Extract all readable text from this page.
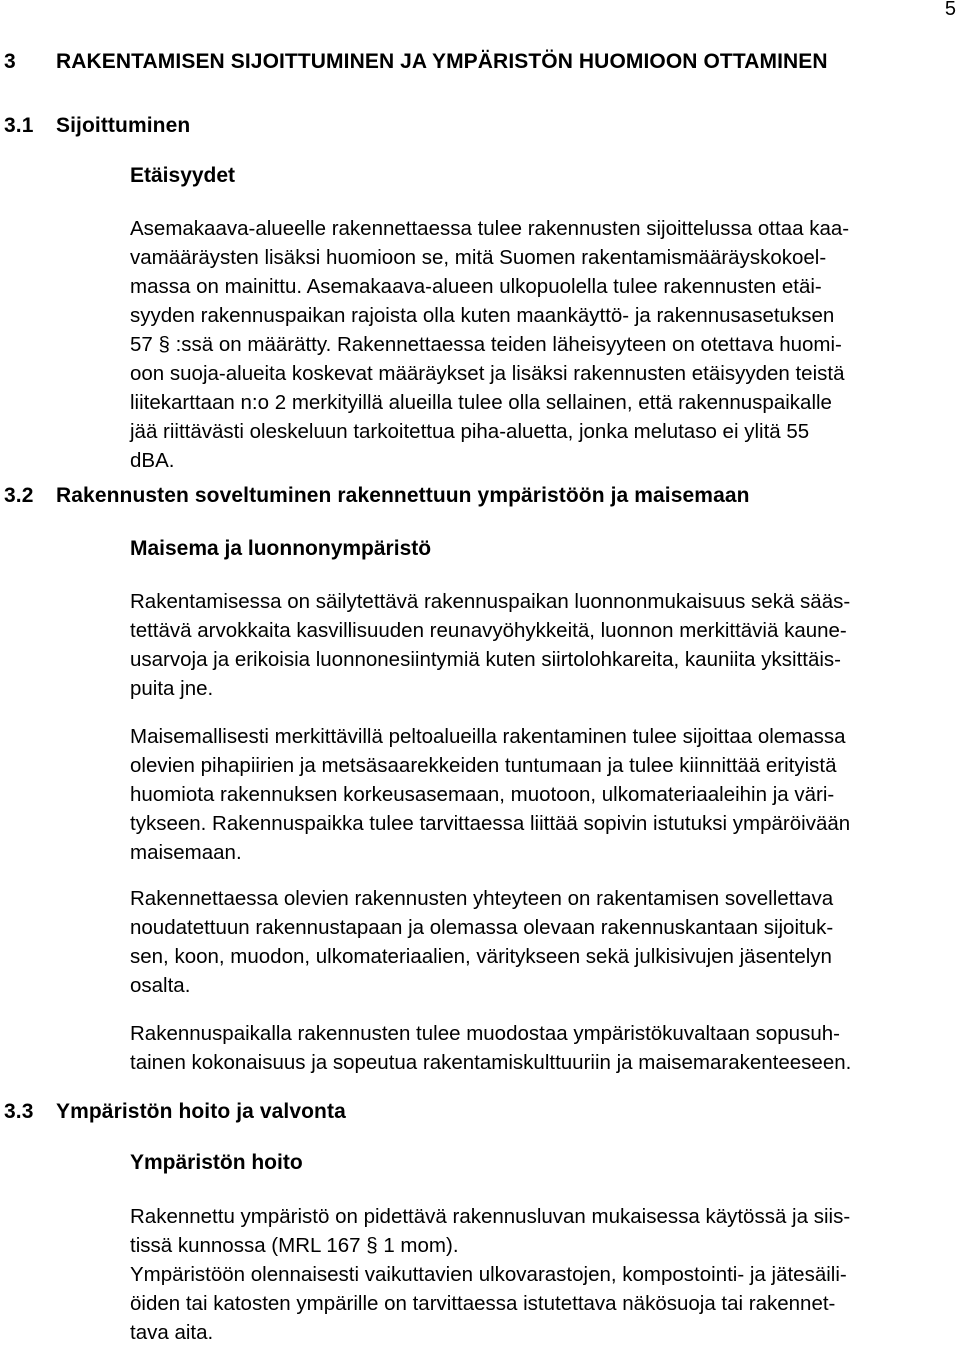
5
3 RAKENTAMISEN SIJOITTUMINEN JA YMPÄRISTÖN HUOMIOON OTTAMINEN
3.1 Sijoittuminen
Etäisyydet

Asemakaava-alueelle rakennettaessa tulee rakennusten sijoittelussa ottaa kaa-
vamääräysten lisäksi huomioon se, mitä Suomen rakentamismääräyskokoel-
massa on mainittu. Asemakaava-alueen ulkopuolella tulee rakennusten etäi-
syyden rakennuspaikan rajoista olla kuten maankäyttö- ja rakennusasetuksen
57 § :ssä on määrätty. Rakennettaessa teiden läheisyyteen on otettava huomi-
oon suoja-alueita koskevat määräykset ja lisäksi rakennusten etäisyyden teistä
liitekarttaan n:o 2 merkityillä alueilla tulee olla sellainen, että rakennuspaikalle
jää riittävästi oleskeluun tarkoitettua piha-aluetta, jonka melutaso ei ylitä 55
dBA.

3.2 Rakennusten soveltuminen rakennettuun ympäristöön ja maisemaan
Maisema ja luonnonympäristö

Rakentamisessa on säilytettävä rakennuspaikan luonnonmukaisuus sekä sääs-
tettävä arvokkaita kasvillisuuden reunavyöhykkeitä, luonnon merkittäviä kaune-
usarvoja ja erikoisia luonnonesiintymiä kuten siirtolohkareita, kauniita yksittäis-
puita jne.

Maisemallisesti merkittävillä peltoalueilla rakentaminen tulee sijoittaa olemassa
olevien pihapiirien ja metsäsaarekkeiden tuntumaan ja tulee kiinnittää erityistä
huomiota rakennuksen korkeusasemaan, muotoon, ulkomateriaaleihin ja väri-
tykseen. Rakennuspaikka tulee tarvittaessa liittää sopivin istutuksi ympäröivään
maisemaan.

Rakennettaessa olevien rakennusten yhteyteen on rakentamisen sovellettava
noudatettuun rakennustapaan ja olemassa olevaan rakennuskantaan sijoituk-
sen, koon, muodon, ulkomateriaalien, väritykseen sekä julkisivujen jäsentelyn
osalta.

Rakennuspaikalla rakennusten tulee muodostaa ympäristökuvaltaan sopusuh-
tainen kokonaisuus ja sopeutua rakentamiskulttuuriin ja maisemarakenteeseen.

3.3 Ympäristön hoito ja valvonta
Ympäristön hoito

Rakennettu ympäristö on pidettävä rakennusluvan mukaisessa käytössä ja siis-
tissä kunnossa (MRL 167 § 1 mom).
Ympäristöön olennaisesti vaikuttavien ulkovarastojen, kompostointi- ja jätesäili-
öiden tai katosten ympärille on tarvittaessa istutettava näkösuoja tai rakennet-
tava aita.
